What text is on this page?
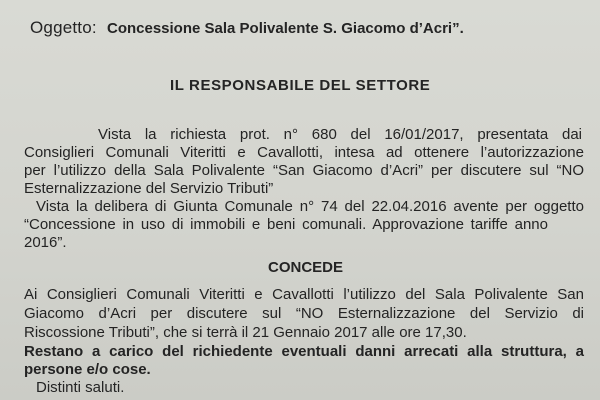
Oggetto: Concessione Sala Polivalente S. Giacomo d’Acri”.
IL RESPONSABILE DEL SETTORE
Vista la richiesta prot. n° 680 del 16/01/2017, presentata dai
Consiglieri Comunali Viteritti e Cavallotti, intesa ad ottenere l’autorizzazione
per l’utilizzo della Sala Polivalente “San Giacomo d’Acri” per discutere sul “NO
Esternalizzazione del Servizio Tributi”
Vista la delibera di Giunta Comunale n° 74 del 22.04.2016 avente per oggetto
“Concessione in uso di immobili e beni comunali. Approvazione tariffe anno
2016”.
CONCEDE
Ai Consiglieri Comunali Viteritti e Cavallotti l’utilizzo del Sala Polivalente San
Giacomo d’Acri per discutere sul “NO Esternalizzazione del Servizio di
Riscossione Tributi”, che si terrà il 21 Gennaio 2017 alle ore 17,30.
Restano a carico del richiedente eventuali danni arrecati alla struttura, a
persone e/o cose.
Distinti saluti.
